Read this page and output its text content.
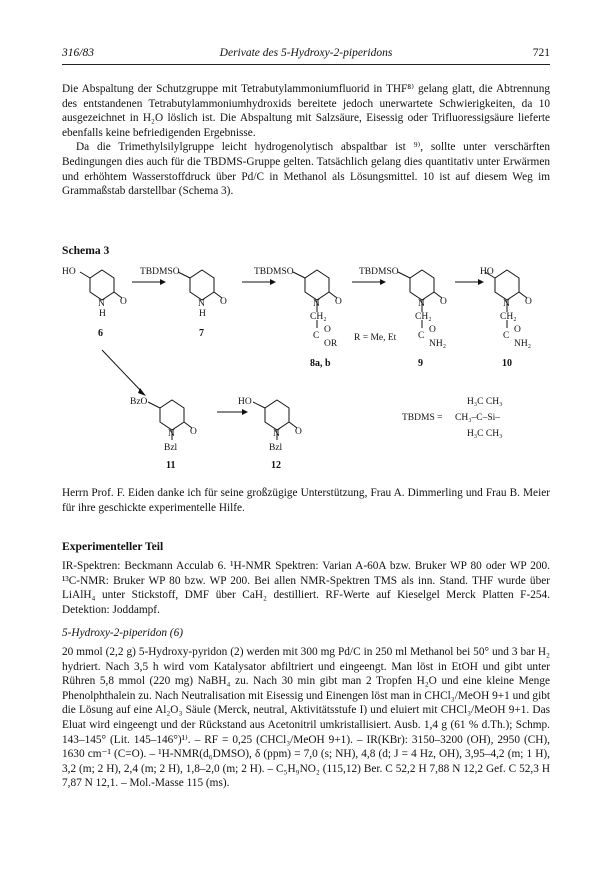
316/83	Derivate des 5-Hydroxy-2-piperidons	721

Die Abspaltung der Schutzgruppe mit Tetrabutylammoniumfluorid in THF⁸⁾ gelang glatt, die Abtrennung des entstandenen Tetrabutylammoniumhydroxids bereitete jedoch unerwartete Schwierigkeiten, da 10 ausgezeichnet in H₂O löslich ist. Die Abspaltung mit Salzsäure, Eisessig oder Trifluoressigsäure lieferte ebenfalls keine befriedigenden Ergebnisse.

Da die Trimethylsilylgruppe leicht hydrogenolytisch abspaltbar ist ⁹⁾, sollte unter verschärften Bedingungen dies auch für die TBDMS-Gruppe gelten. Tatsächlich gelang dies quantitativ unter Erwärmen und erhöhtem Wasserstoffdruck über Pd/C in Methanol als Lösungsmittel. 10 ist auf diesem Weg im Grammaßstab darstellbar (Schema 3).

Schema 3
HO
N
H
O
6
TBDMSO
N
H
O
7
TBDMSO
N O
CH₂
C
O
OR
R = Me, Et
8a, b
TBDMSO
N O
CH₂
C
O
NH₂
9
HO
N O
CH₂
C
O
NH₂
10
BzO
N O
Bzl
11
HO
N O
Bzl
12
H₃C CH₃
TBDMS = CH₃–C–Si–
H₃C CH₃
Herrn Prof. F. Eiden danke ich für seine großzügige Unterstützung, Frau A. Dimmerling und Frau B. Meier für ihre geschickte experimentelle Hilfe.
Experimenteller Teil
IR-Spektren: Beckmann Acculab 6. ¹H-NMR Spektren: Varian A-60A bzw. Bruker WP 80 oder WP 200. ¹³C-NMR: Bruker WP 80 bzw. WP 200. Bei allen NMR-Spektren TMS als inn. Stand. THF wurde über LiAlH₄ unter Stickstoff, DMF über CaH₂ destilliert. RF-Werte auf Kieselgel Merck Platten F-254. Detektion: Joddampf.
5-Hydroxy-2-piperidon (6)
20 mmol (2,2 g) 5-Hydroxy-pyridon (2) werden mit 300 mg Pd/C in 250 ml Methanol bei 50° und 3 bar H₂ hydriert. Nach 3,5 h wird vom Katalysator abfiltriert und eingeengt. Man löst in EtOH und gibt unter Rühren 5,8 mmol (220 mg) NaBH₄ zu. Nach 30 min gibt man 2 Tropfen H₂O und eine kleine Menge Phenolphthalein zu. Nach Neutralisation mit Eisessig und Einengen löst man in CHCl₃/MeOH 9+1 und gibt die Lösung auf eine Al₂O₃ Säule (Merck, neutral, Aktivitätsstufe I) und eluiert mit CHCl₃/MeOH 9+1. Das Eluat wird eingeengt und der Rückstand aus Acetonitril umkristallisiert. Ausb. 1,4 g (61 % d.Th.); Schmp. 143–145° (Lit. 145–146°)¹⁾. – RF = 0,25 (CHCl₃/MeOH 9+1). – IR(KBr): 3150–3200 (OH), 2950 (CH), 1630 cm⁻¹ (C=O). – ¹H-NMR(d₆DMSO), δ (ppm) = 7,0 (s; NH), 4,8 (d; J = 4 Hz, OH), 3,95–4,2 (m; 1 H), 3,2 (m; 2 H), 2,4 (m; 2 H), 1,8–2,0 (m; 2 H). – C₅H₉NO₂ (115,12) Ber. C 52,2 H 7,88 N 12,2 Gef. C 52,3 H 7,87 N 12,1. – Mol.-Masse 115 (ms).
